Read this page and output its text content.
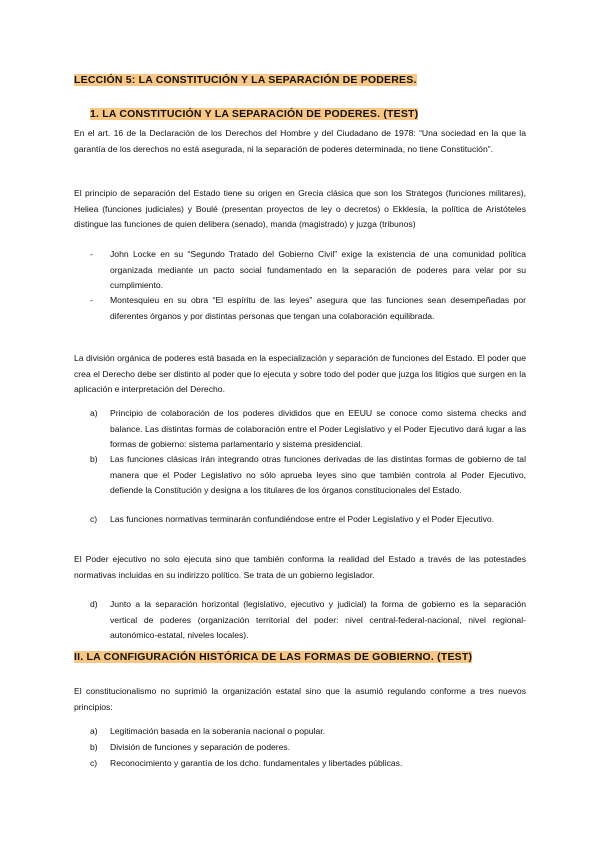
LECCIÓN 5: LA CONSTITUCIÓN Y LA SEPARACIÓN DE PODERES.
1. LA CONSTITUCIÓN Y LA SEPARACIÓN DE PODERES. (TEST)
En el art. 16 de la Declaración de los Derechos del Hombre y del Ciudadano de 1978: “Una sociedad en la que la garantía de los derechos no está asegurada, ni la separación de poderes determinada, no tiene Constitución”.
El principio de separación del Estado tiene su origen en Grecia clásica que son los Strategos (funciones militares), Heliea (funciones judiciales) y Boulé (presentan proyectos de ley o decretos) o Ekklesía, la política de Aristóteles distingue las funciones de quien delibera (senado), manda (magistrado) y juzga (tribunos)
- John Locke en su “Segundo Tratado del Gobierno Civil” exige la existencia de una comunidad política organizada mediante un pacto social fundamentado en la separación de poderes para velar por su cumplimiento.
- Montesquieu en su obra “El espíritu de las leyes” asegura que las funciones sean desempeñadas por diferentes órganos y por distintas personas que tengan una colaboración equilibrada.
La división orgánica de poderes está basada en la especialización y separación de funciones del Estado. El poder que crea el Derecho debe ser distinto al poder que lo ejecuta y sobre todo del poder que juzga los litigios que surgen en la aplicación e interpretación del Derecho.
a) Principio de colaboración de los poderes divididos que en EEUU se conoce como sistema checks and balance. Las distintas formas de colaboración entre el Poder Legislativo y el Poder Ejecutivo dará lugar a las formas de gobierno: sistema parlamentario y sistema presidencial.
b) Las funciones clásicas irán integrando otras funciones derivadas de las distintas formas de gobierno de tal manera que el Poder Legislativo no sólo aprueba leyes sino que también controla al Poder Ejecutivo, defiende la Constitución y designa a los titulares de los órganos constitucionales del Estado.
c) Las funciones normativas terminarán confundiéndose entre el Poder Legislativo y el Poder Ejecutivo.
El Poder ejecutivo no solo ejecuta sino que también conforma la realidad del Estado a través de las potestades normativas incluidas en su indirizzo político. Se trata de un gobierno legislador.
d) Junto a la separación horizontal (legislativo, ejecutivo y judicial) la forma de gobierno es la separación vertical de poderes (organización territorial del poder: nivel central-federal-nacional, nivel regional-autonómico-estatal, niveles locales).
II. LA CONFIGURACIÓN HISTÓRICA DE LAS FORMAS DE GOBIERNO. (TEST)
El constitucionalismo no suprimió la organización estatal sino que la asumió regulando conforme a tres nuevos principios:
a) Legitimación basada en la soberanía nacional o popular.
b) División de funciones y separación de poderes.
c) Reconocimiento y garantía de los dcho. fundamentales y libertades públicas.
